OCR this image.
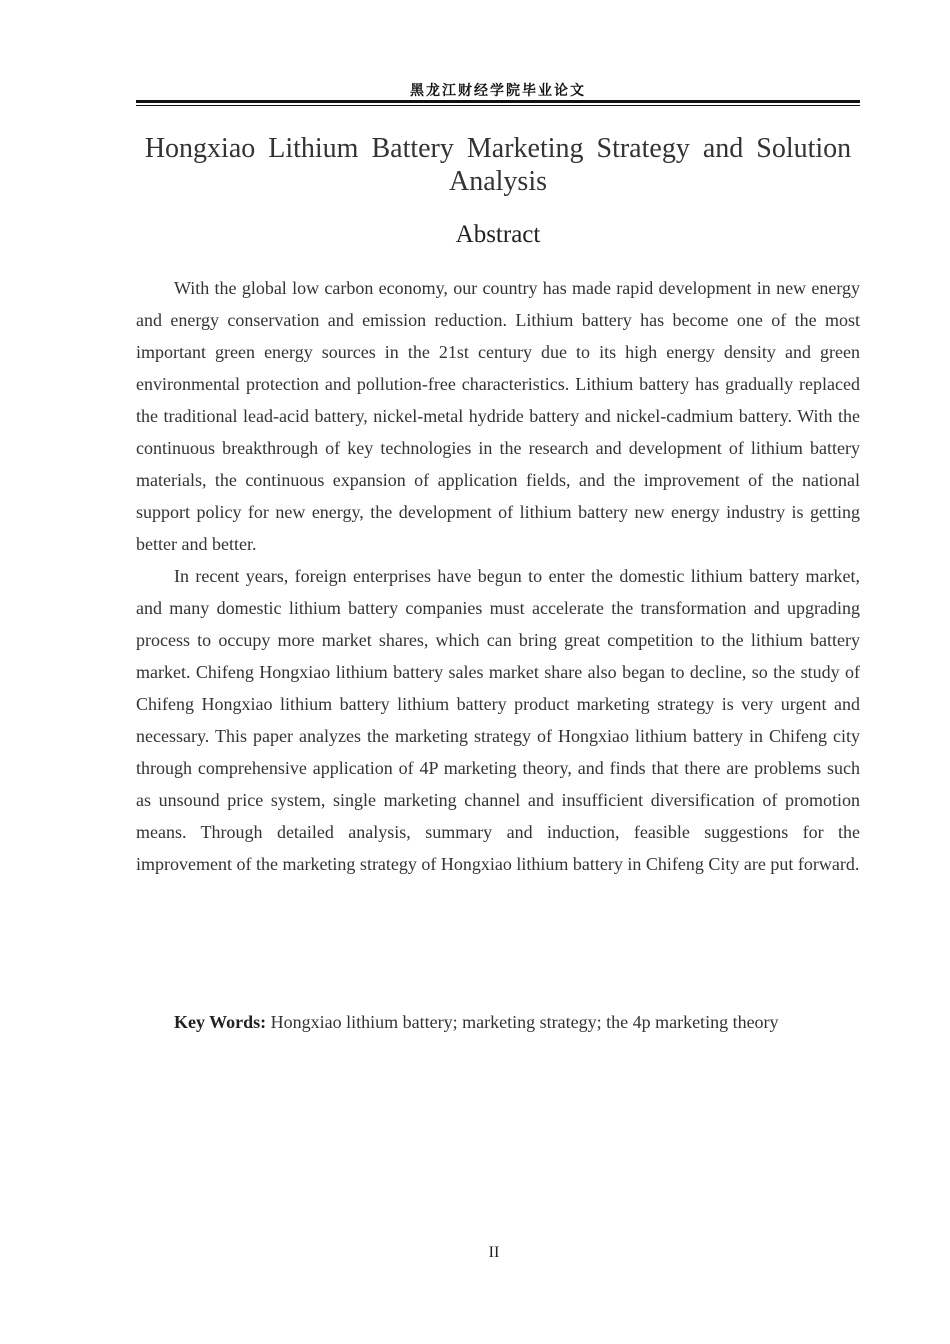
黑龙江财经学院毕业论文
Hongxiao Lithium Battery Marketing Strategy and Solution Analysis
Abstract

With the global low carbon economy, our country has made rapid development in new energy and energy conservation and emission reduction. Lithium battery has become one of the most important green energy sources in the 21st century due to its high energy density and green environmental protection and pollution-free characteristics. Lithium battery has gradually replaced the traditional lead-acid battery, nickel-metal hydride battery and nickel-cadmium battery. With the continuous breakthrough of key technologies in the research and development of lithium battery materials, the continuous expansion of application fields, and the improvement of the national support policy for new energy, the development of lithium battery new energy industry is getting better and better.

In recent years, foreign enterprises have begun to enter the domestic lithium battery market, and many domestic lithium battery companies must accelerate the transformation and upgrading process to occupy more market shares, which can bring great competition to the lithium battery market. Chifeng Hongxiao lithium battery sales market share also began to decline, so the study of Chifeng Hongxiao lithium battery lithium battery product marketing strategy is very urgent and necessary. This paper analyzes the marketing strategy of Hongxiao lithium battery in Chifeng city through comprehensive application of 4P marketing theory, and finds that there are problems such as unsound price system, single marketing channel and insufficient diversification of promotion means. Through detailed analysis, summary and induction, feasible suggestions for the improvement of the marketing strategy of Hongxiao lithium battery in Chifeng City are put forward.

Key Words: Hongxiao lithium battery; marketing strategy; the 4p marketing theory

II
